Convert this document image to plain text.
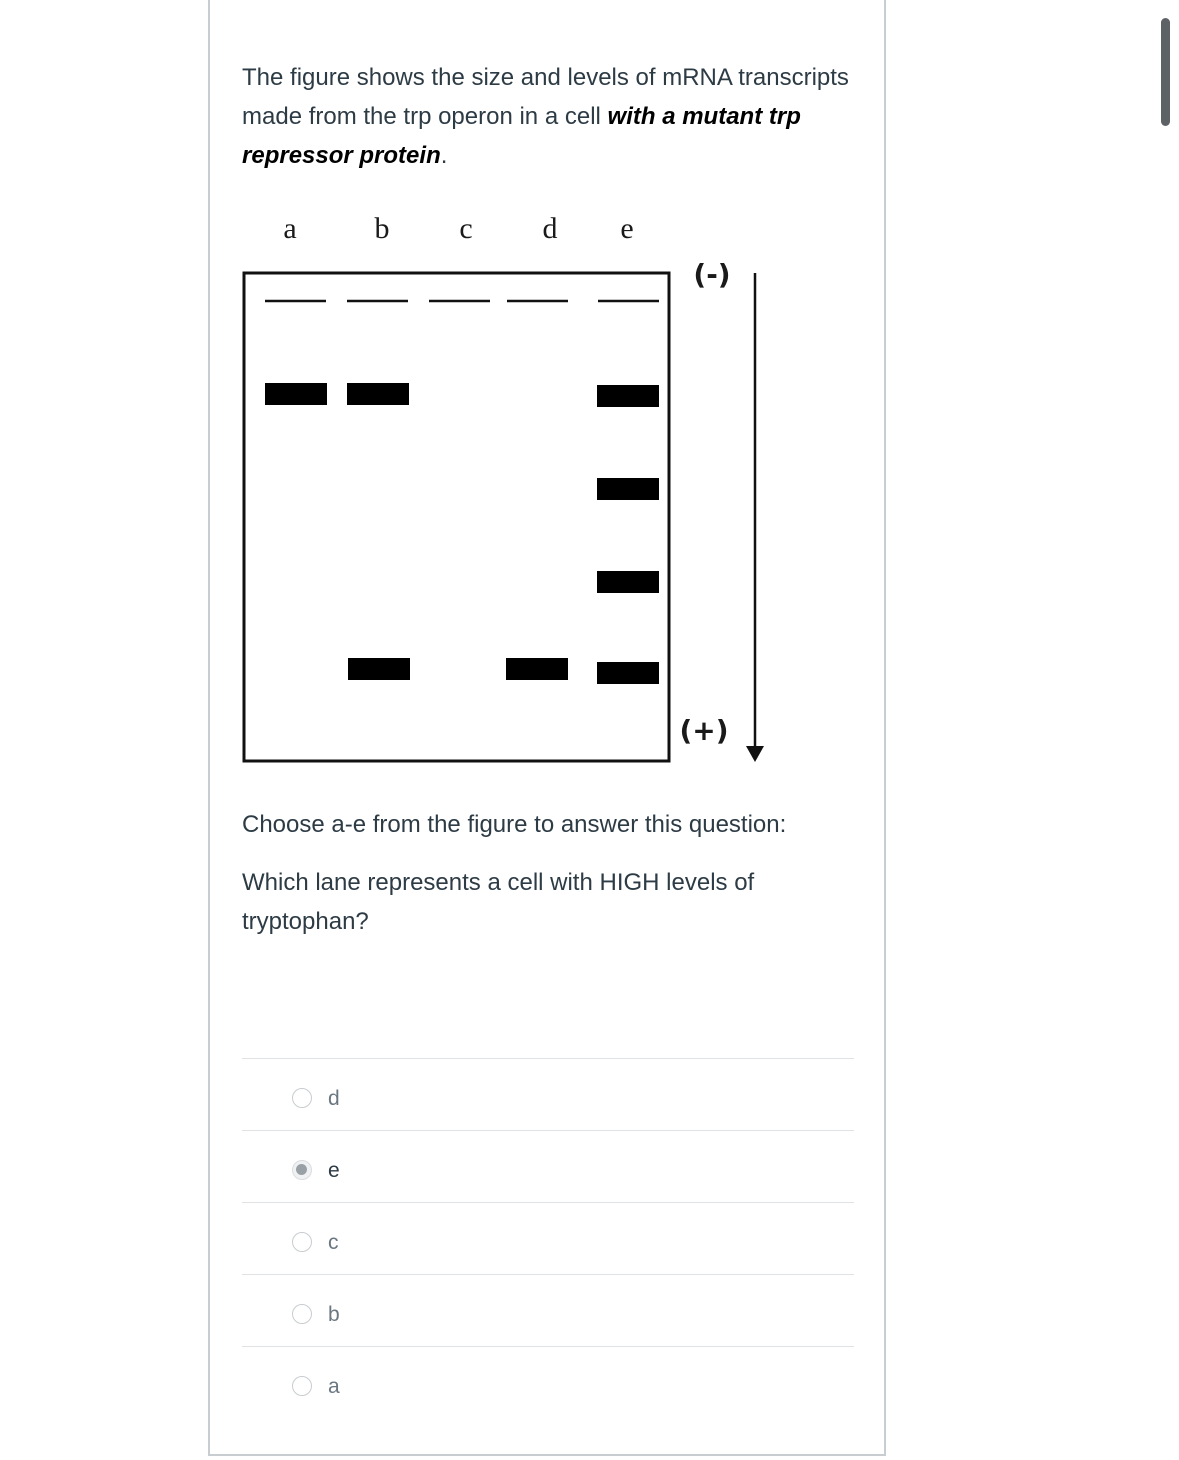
The figure shows the size and levels of mRNA transcripts made from the trp operon in a cell with a mutant trp repressor protein.

a	b c d e
(-)
(+)

Choose a-e from the figure to answer this question:

Which lane represents a cell with HIGH levels of tryptophan?

d
e
c
b
a
